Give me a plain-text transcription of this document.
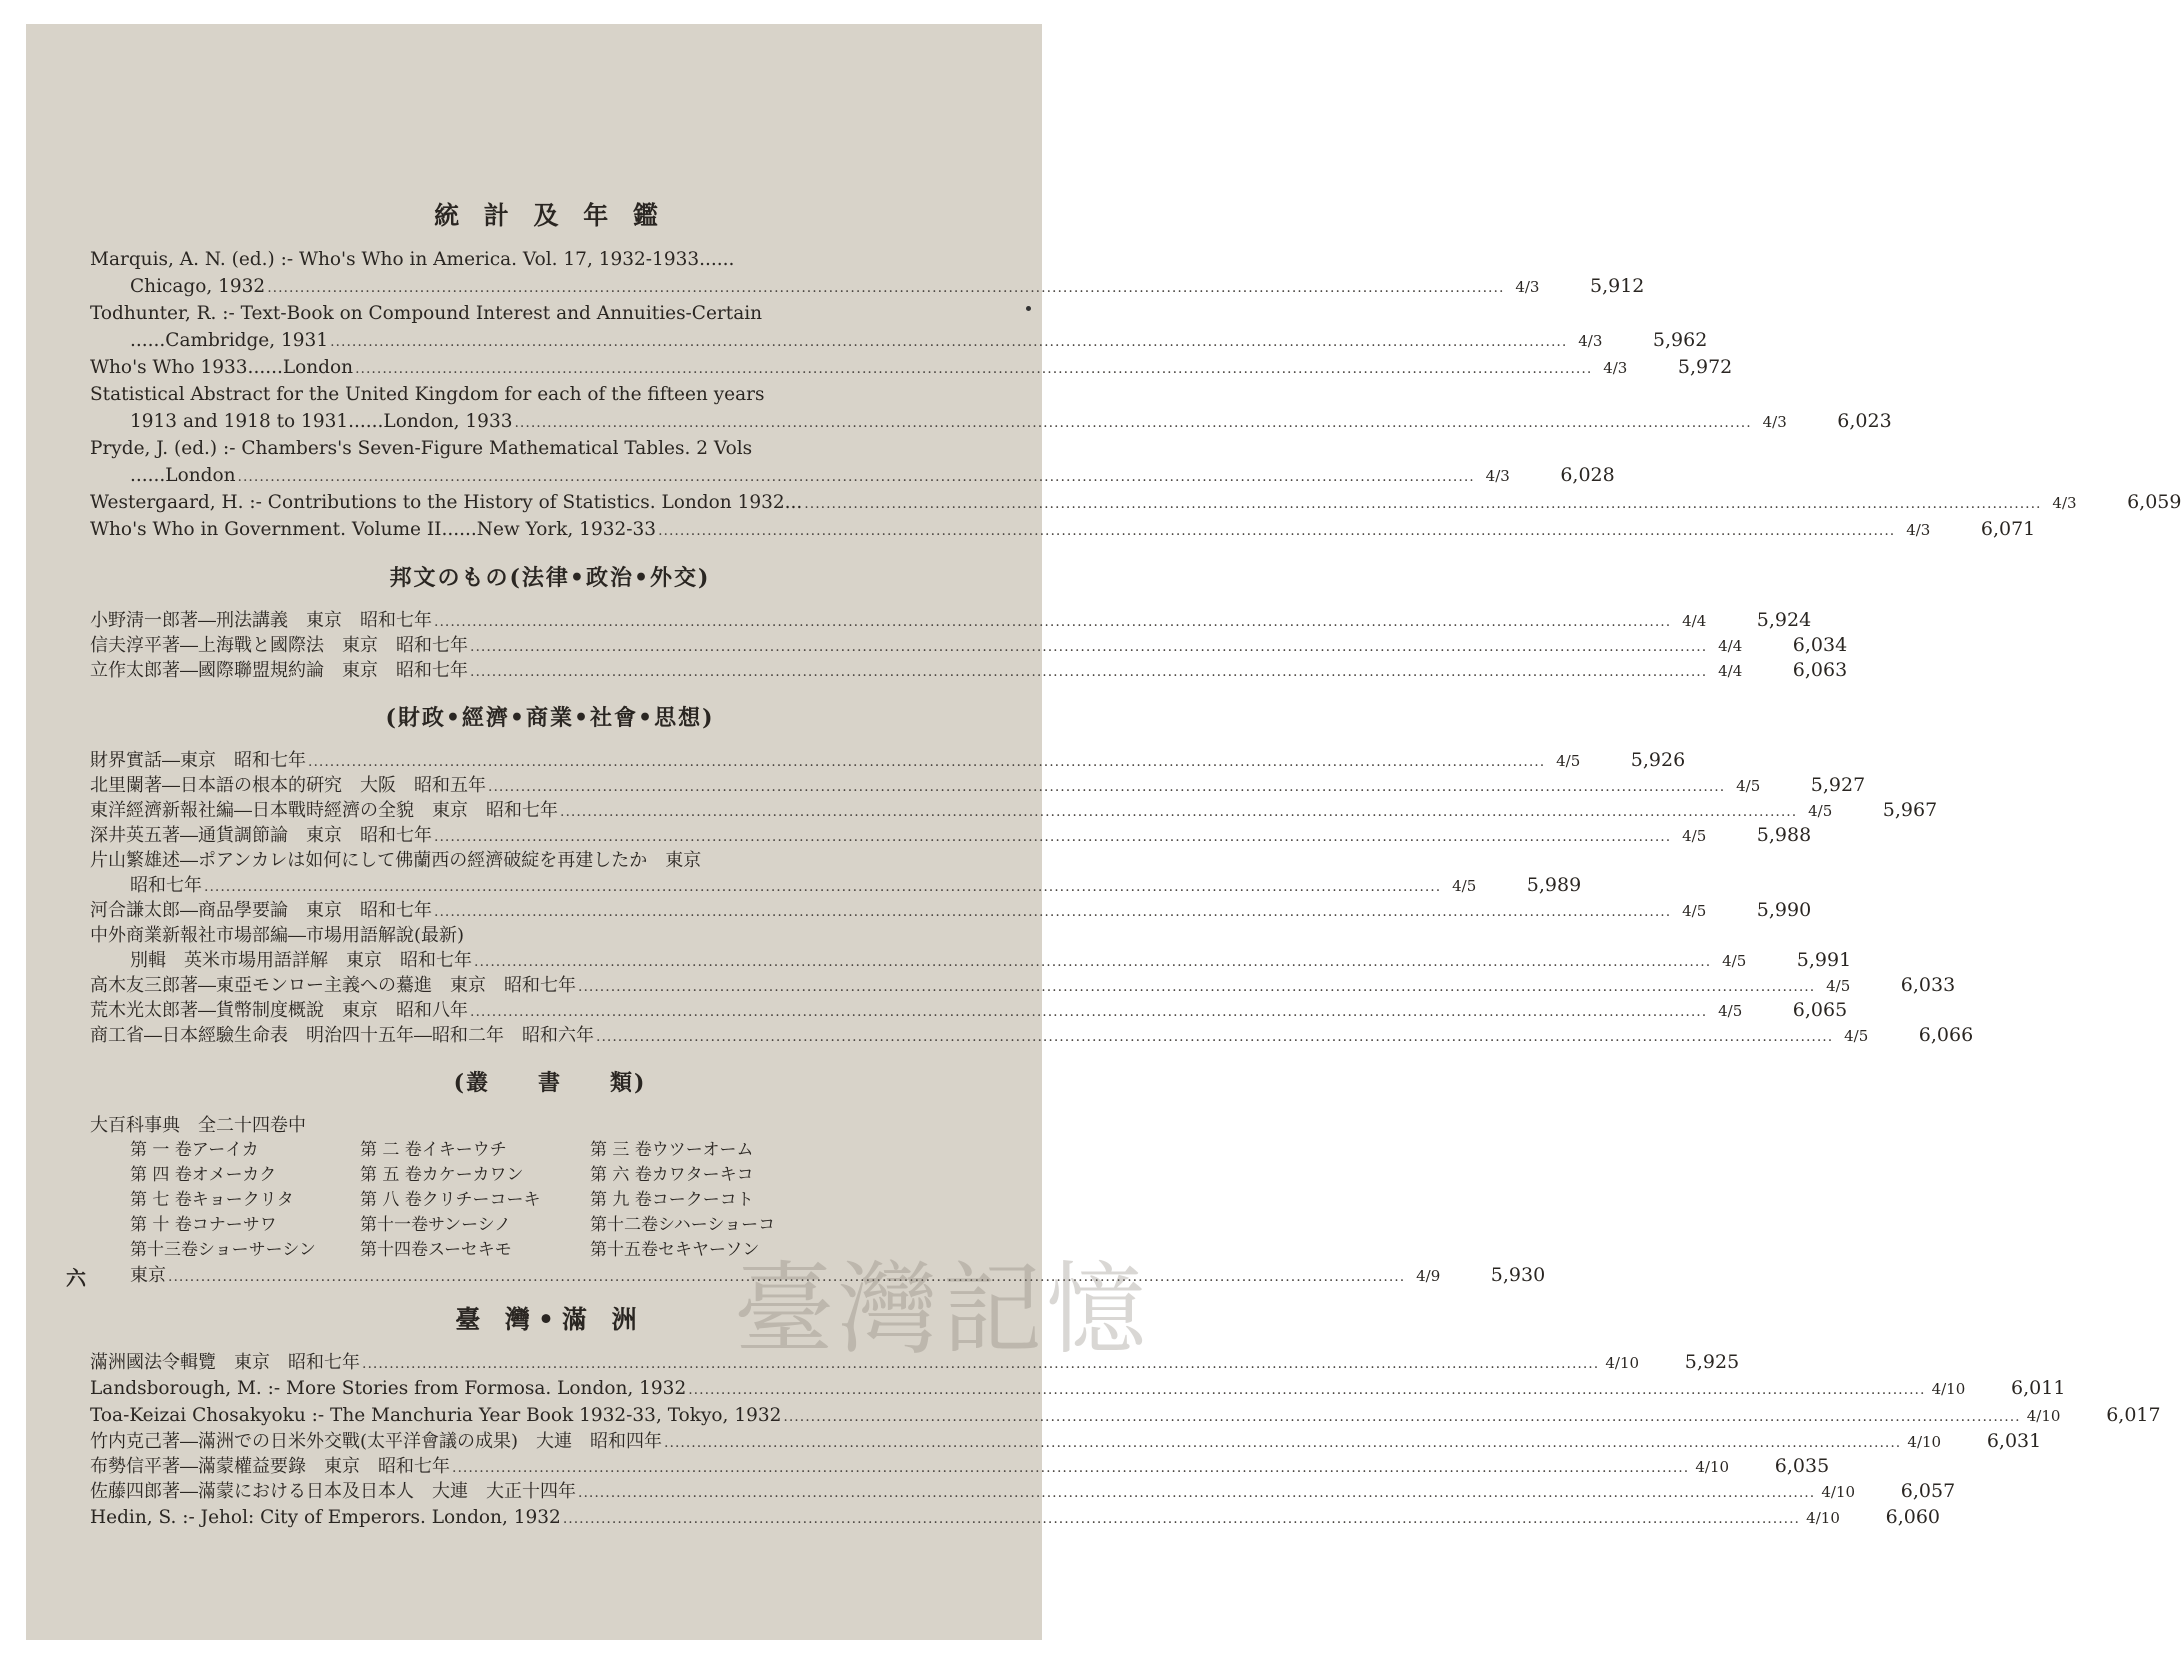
六
統 計 及 年 鑑
Marquis, A. N. (ed.) :- Who's Who in America. Vol. 17, 1932-1933......
Chicago, 1932 .....	4/3	5,912
Todhunter, R. :- Text-Book on Compound Interest and Annuities-Certain
......Cambridge, 1931 .....	4/3	5,962
Who's Who 1933......London .....	4/3	5,972
Statistical Abstract for the United Kingdom for each of the fifteen years
1913 and 1918 to 1931......London, 1933 .....	4/3	6,023
Pryde, J. (ed.) :- Chambers's Seven-Figure Mathematical Tables. 2 Vols
......London .....	4/3	6,028
Westergaard, H. :- Contributions to the History of Statistics. London 1932... .....	4/3	6,059
Who's Who in Government. Volume II......New York, 1932-33 .....	4/3	6,071
邦文のもの(法律•政治•外交)
小野淸一郎著―刑法講義　東京　昭和七年 .....	4/4	5,924
信夫淳平著―上海戰と國際法　東京　昭和七年 .....	4/4	6,034
立作太郎著―國際聯盟規約論　東京　昭和七年 .....	4/4	6,063
(財政•經濟•商業•社會•思想)
財界實話―東京　昭和七年 .....	4/5	5,926
北里闌著―日本語の根本的硏究　大阪　昭和五年 .....	4/5	5,927
東洋經濟新報社編―日本戰時經濟の全貌　東京　昭和七年 .....	4/5	5,967
深井英五著―通貨調節論　東京　昭和七年 .....	4/5	5,988
片山繁雄述―ポアンカレは如何にして佛蘭西の經濟破綻を再建したか　東京
昭和七年 .....	4/5	5,989
河合謙太郎―商品學要論　東京　昭和七年 .....	4/5	5,990
中外商業新報社市場部編―市場用語解說(最新)
別輯　英米市場用語詳解　東京　昭和七年 .....	4/5	5,991
高木友三郎著―東亞モンロー主義への驀進　東京　昭和七年 .....	4/5	6,033
荒木光太郎著―貨幣制度概說　東京　昭和八年 .....	4/5	6,065
商工省―日本經驗生命表　明治四十五年―昭和二年　昭和六年 .....	4/5	6,066
(叢　　書　　類)
大百科事典　全二十四卷中
第 一 卷アーイカ	第 二 卷イキーウチ	第 三 卷ウツーオーム
第 四 卷オメーカク	第 五 卷カケーカワン	第 六 卷カワターキコ
第 七 卷キョークリタ	第 八 卷クリチーコーキ	第 九 卷コークーコト
第 十 卷コナーサワ	第十一卷サンーシノ	第十二卷シハーショーコ
第十三卷ショーサーシン	第十四卷スーセキモ	第十五卷セキヤーソン
東京 .....	4/9	5,930
臺 灣•滿 洲
滿洲國法令輯覽　東京　昭和七年 .....	4/10	5,925
Landsborough, M. :- More Stories from Formosa. London, 1932 .....	4/10	6,011
Toa-Keizai Chosakyoku :- The Manchuria Year Book 1932-33, Tokyo, 1932 .....	4/10	6,017
竹内克己著―滿洲での日米外交戰(太平洋會議の成果)　大連　昭和四年 .....	4/10	6,031
布勢信平著―滿蒙權益要錄　東京　昭和七年 .....	4/10	6,035
佐藤四郎著―滿蒙における日本及日本人　大連　大正十四年 .....	4/10	6,057
Hedin, S. :- Jehol: City of Emperors. London, 1932 .....	4/10	6,060
臺灣記憶
